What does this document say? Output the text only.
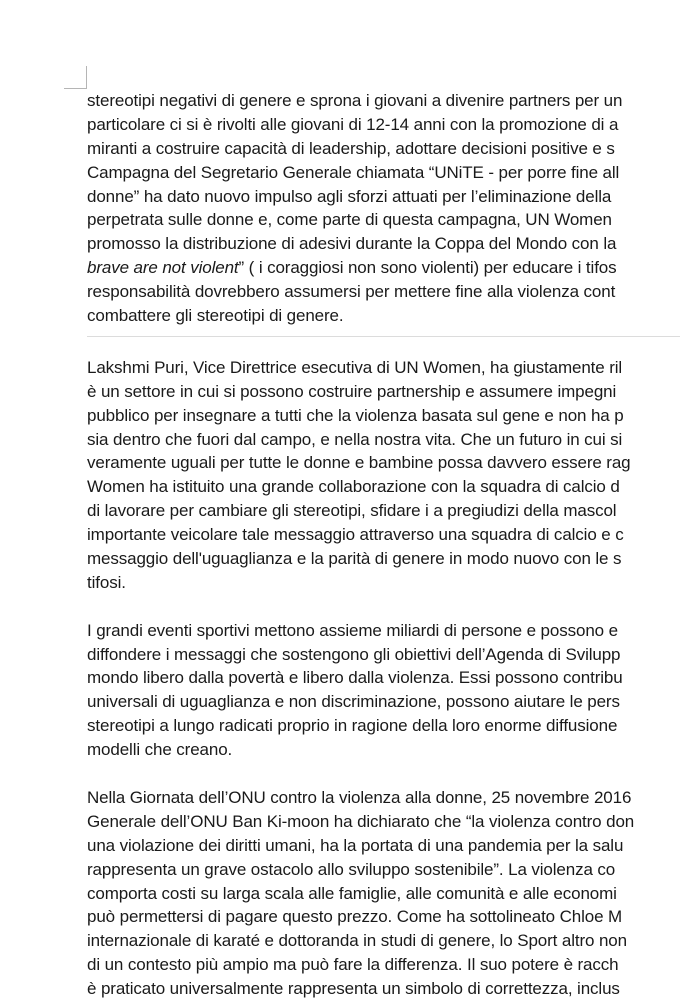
stereotipi negativi di genere e sprona i giovani a divenire partners per un
particolare ci si è rivolti alle giovani di 12-14 anni con la promozione di a
miranti a costruire capacità di leadership, adottare decisioni positive e s
Campagna del Segretario Generale chiamata “UNiTE - per porre fine all
donne” ha dato nuovo impulso agli sforzi attuati per l’eliminazione della
perpetrata sulle donne e, come parte di questa campagna, UN Women
promosso la distribuzione di adesivi durante la Coppa del Mondo con la
brave are not violent” ( i coraggiosi non sono violenti) per educare i tifos
responsabilità dovrebbero assumersi per mettere fine alla violenza cont
combattere gli stereotipi di genere.
Lakshmi Puri, Vice Direttrice esecutiva di UN Women, ha giustamente ril
è un settore in cui si possono costruire partnership e assumere impegni
pubblico per insegnare a tutti che la violenza basata sul gene e non ha p
sia dentro che fuori dal campo, e nella nostra vita. Che un futuro in cui si
veramente uguali per tutte le donne e bambine possa davvero essere rag
Women ha istituito una grande collaborazione con la squadra di calcio d
di lavorare per cambiare gli stereotipi, sfidare i a pregiudizi della mascol
importante veicolare tale messaggio attraverso una squadra di calcio e c
messaggio dell'uguaglianza e la parità di genere in modo nuovo con le s
tifosi.
I grandi eventi sportivi mettono assieme miliardi di persone e possono e
diffondere i messaggi che sostengono gli obiettivi dell’Agenda di Svilupp
mondo libero dalla povertà e libero dalla violenza. Essi possono contribu
universali di uguaglianza e non discriminazione, possono aiutare le pers
stereotipi a lungo radicati proprio in ragione della loro enorme diffusione
modelli che creano.
Nella Giornata dell’ONU contro la violenza alla donne, 25 novembre 2016
Generale dell’ONU Ban Ki-moon ha dichiarato che “la violenza contro don
una violazione dei diritti umani, ha la portata di una pandemia per la salu
rappresenta un grave ostacolo allo sviluppo sostenibile”. La violenza co
comporta costi su larga scala alle famiglie, alle comunità e alle economi
può permettersi di pagare questo prezzo. Come ha sottolineato Chloe M
internazionale di karaté e dottoranda in studi di genere, lo Sport altro non
di un contesto più ampio ma può fare la differenza. Il suo potere è racch
è praticato universalmente rappresenta un simbolo di correttezza, inclus
